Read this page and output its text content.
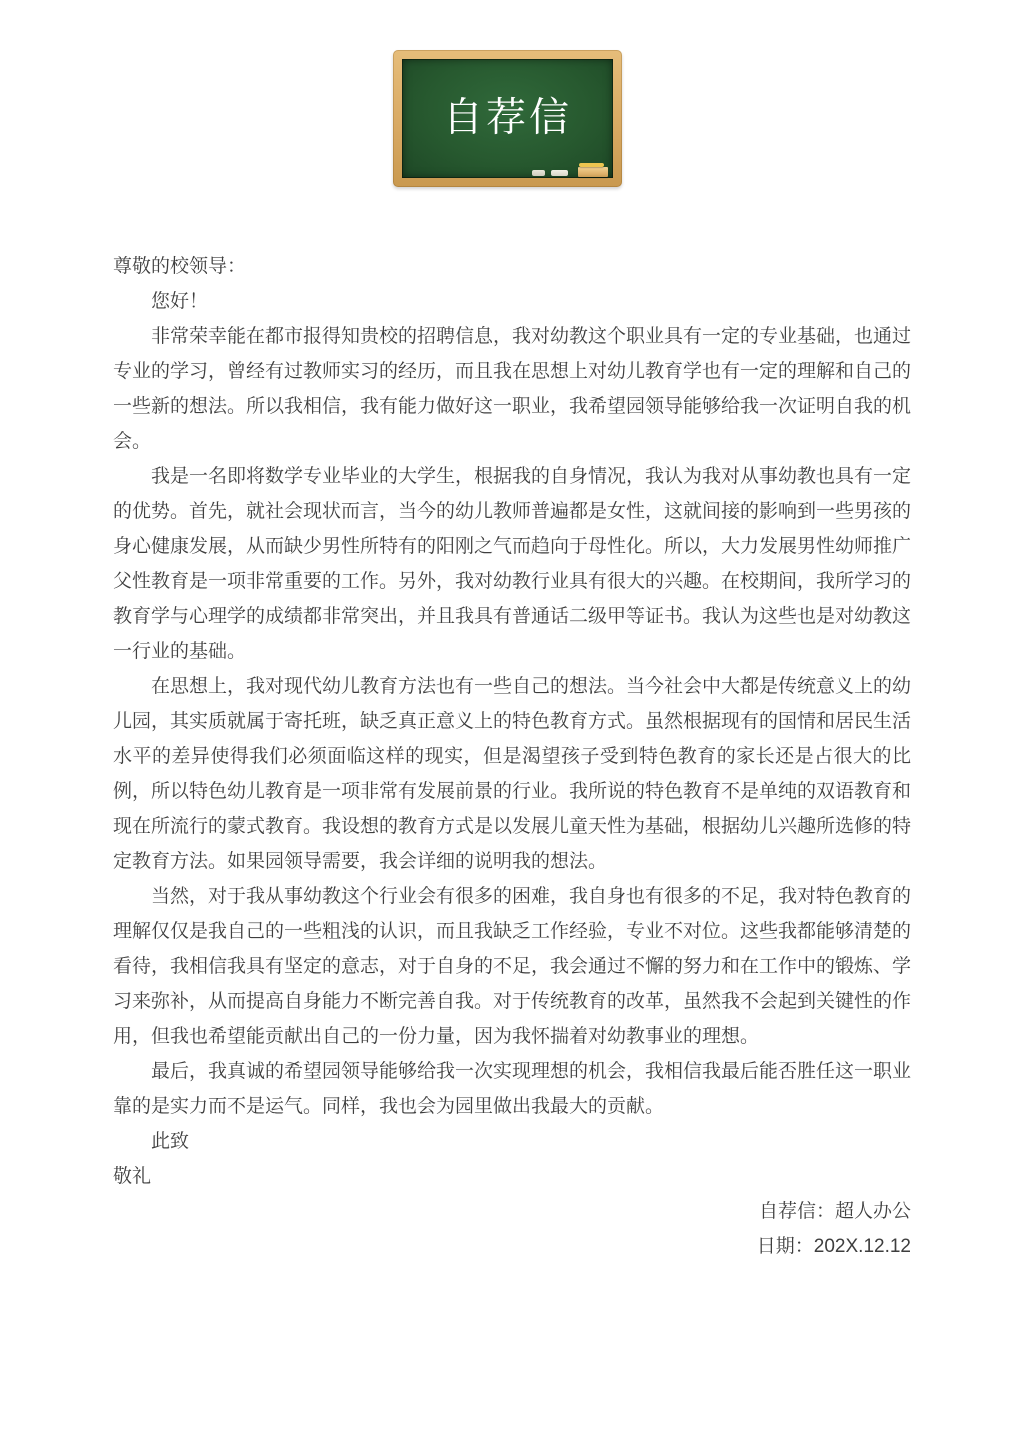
自荐信

尊敬的校领导：

您好！

非常荣幸能在都市报得知贵校的招聘信息，我对幼教这个职业具有一定的专业基础，也通过专业的学习，曾经有过教师实习的经历，而且我在思想上对幼儿教育学也有一定的理解和自己的一些新的想法。所以我相信，我有能力做好这一职业，我希望园领导能够给我一次证明自我的机会。

我是一名即将数学专业毕业的大学生，根据我的自身情况，我认为我对从事幼教也具有一定的优势。首先，就社会现状而言，当今的幼儿教师普遍都是女性，这就间接的影响到一些男孩的身心健康发展，从而缺少男性所特有的阳刚之气而趋向于母性化。所以，大力发展男性幼师推广父性教育是一项非常重要的工作。另外，我对幼教行业具有很大的兴趣。在校期间，我所学习的教育学与心理学的成绩都非常突出，并且我具有普通话二级甲等证书。我认为这些也是对幼教这一行业的基础。

在思想上，我对现代幼儿教育方法也有一些自己的想法。当今社会中大都是传统意义上的幼儿园，其实质就属于寄托班，缺乏真正意义上的特色教育方式。虽然根据现有的国情和居民生活水平的差异使得我们必须面临这样的现实，但是渴望孩子受到特色教育的家长还是占很大的比例，所以特色幼儿教育是一项非常有发展前景的行业。我所说的特色教育不是单纯的双语教育和现在所流行的蒙式教育。我设想的教育方式是以发展儿童天性为基础，根据幼儿兴趣所选修的特定教育方法。如果园领导需要，我会详细的说明我的想法。

当然，对于我从事幼教这个行业会有很多的困难，我自身也有很多的不足，我对特色教育的理解仅仅是我自己的一些粗浅的认识，而且我缺乏工作经验，专业不对位。这些我都能够清楚的看待，我相信我具有坚定的意志，对于自身的不足，我会通过不懈的努力和在工作中的锻炼、学习来弥补，从而提高自身能力不断完善自我。对于传统教育的改革，虽然我不会起到关键性的作用，但我也希望能贡献出自己的一份力量，因为我怀揣着对幼教事业的理想。

最后，我真诚的希望园领导能够给我一次实现理想的机会，我相信我最后能否胜任这一职业靠的是实力而不是运气。同样，我也会为园里做出我最大的贡献。

此致

敬礼

自荐信：超人办公

日期：202X.12.12
